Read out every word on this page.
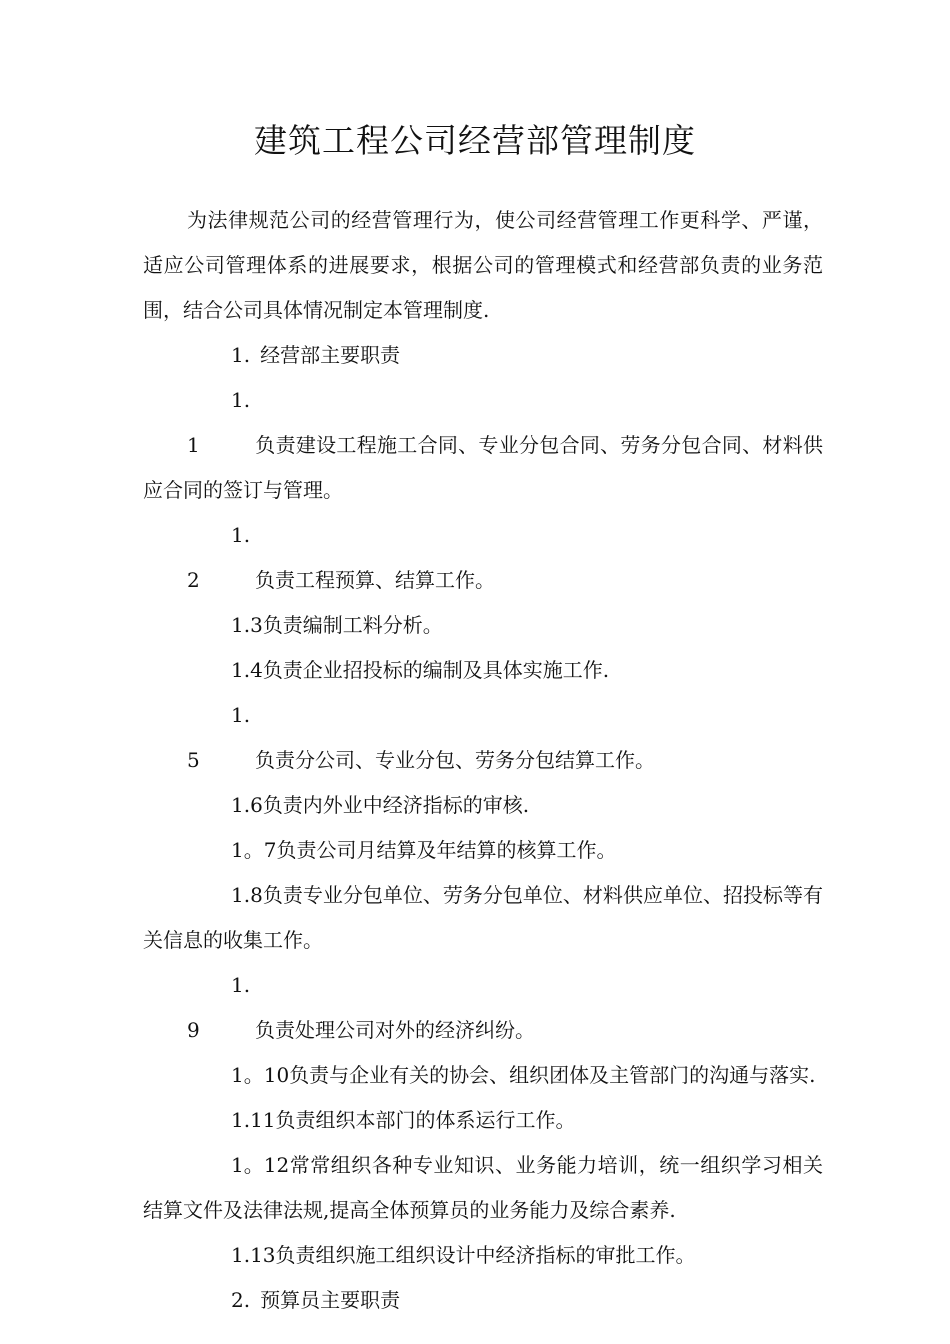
建筑工程公司经营部管理制度

为法律规范公司的经营管理行为，使公司经营管理工作更科学、严谨，适应公司管理体系的进展要求，根据公司的管理模式和经营部负责的业务范围，结合公司具体情况制定本管理制度.

1.  经营部主要职责

1.1	负责建设工程施工合同、专业分包合同、劳务分包合同、材料供应合同的签订与管理。

1.2	负责工程预算、结算工作。

1.3负责编制工料分析。

1.4负责企业招投标的编制及具体实施工作.

1.5	负责分公司、专业分包、劳务分包结算工作。

1.6负责内外业中经济指标的审核.

1。7负责公司月结算及年结算的核算工作。

1.8负责专业分包单位、劳务分包单位、材料供应单位、招投标等有关信息的收集工作。

1.9	负责处理公司对外的经济纠纷。

1。10负责与企业有关的协会、组织团体及主管部门的沟通与落实.

1.11负责组织本部门的体系运行工作。

1。12常常组织各种专业知识、业务能力培训，统一组织学习相关结算文件及法律法规,提高全体预算员的业务能力及综合素养.

1.13负责组织施工组织设计中经济指标的审批工作。

2.  预算员主要职责
